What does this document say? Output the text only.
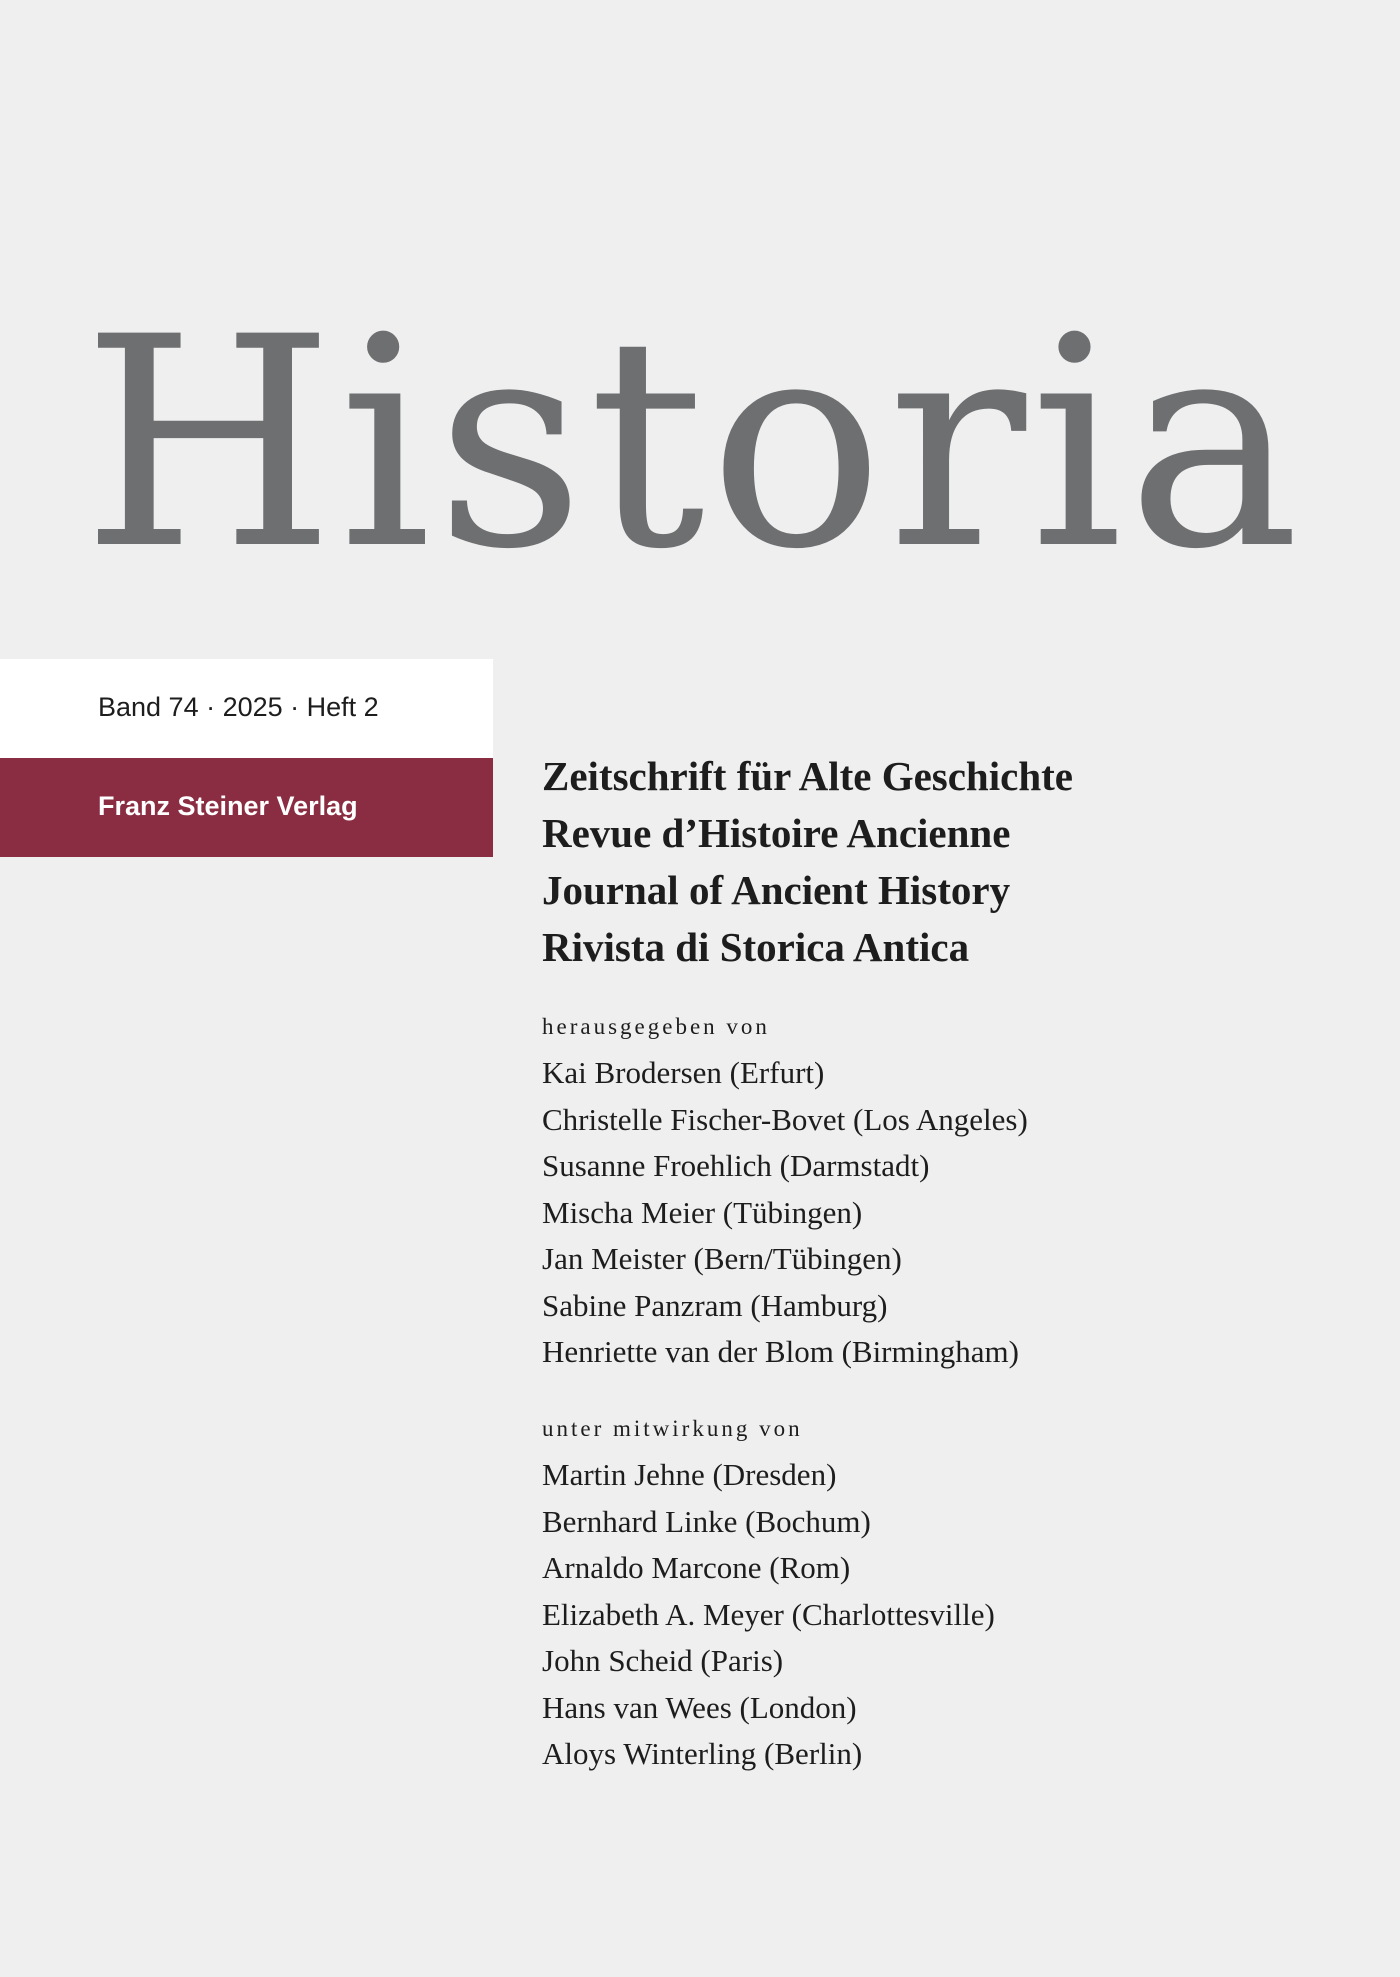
Historia
Band 74 · 2025 · Heft 2
Franz Steiner Verlag
Zeitschrift für Alte Geschichte
Revue d’Histoire Ancienne
Journal of Ancient History
Rivista di Storica Antica
herausgegeben von
Kai Brodersen (Erfurt)
Christelle Fischer-Bovet (Los Angeles)
Susanne Froehlich (Darmstadt)
Mischa Meier (Tübingen)
Jan Meister (Bern/Tübingen)
Sabine Panzram (Hamburg)
Henriette van der Blom (Birmingham)
unter mitwirkung von
Martin Jehne (Dresden)
Bernhard Linke (Bochum)
Arnaldo Marcone (Rom)
Elizabeth A. Meyer (Charlottesville)
John Scheid (Paris)
Hans van Wees (London)
Aloys Winterling (Berlin)
